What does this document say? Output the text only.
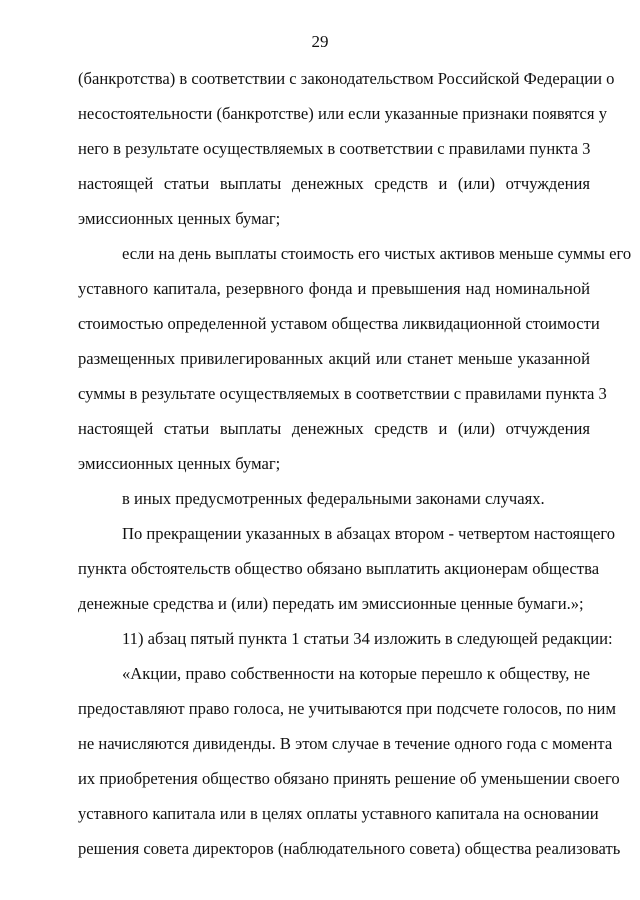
29
(банкротства) в соответствии с законодательством Российской Федерации о
несостоятельности (банкротстве) или если указанные признаки появятся у
него в результате осуществляемых в соответствии с правилами пункта 3
настоящей статьи выплаты денежных средств и (или) отчуждения
эмиссионных ценных бумаг;
если на день выплаты стоимость его чистых активов меньше суммы его
уставного капитала, резервного фонда и превышения над номинальной
стоимостью определенной уставом общества ликвидационной стоимости
размещенных привилегированных акций или станет меньше указанной
суммы в результате осуществляемых в соответствии с правилами пункта 3
настоящей статьи выплаты денежных средств и (или) отчуждения
эмиссионных ценных бумаг;
в иных предусмотренных федеральными законами случаях.
По прекращении указанных в абзацах втором - четвертом настоящего
пункта обстоятельств общество обязано выплатить акционерам общества
денежные средства и (или) передать им эмиссионные ценные бумаги.»;
11) абзац пятый пункта 1 статьи 34 изложить в следующей редакции:
«Акции, право собственности на которые перешло к обществу, не
предоставляют право голоса, не учитываются при подсчете голосов, по ним
не начисляются дивиденды. В этом случае в течение одного года с момента
их приобретения общество обязано принять решение об уменьшении своего
уставного капитала или в целях оплаты уставного капитала на основании
решения совета директоров (наблюдательного совета) общества реализовать
